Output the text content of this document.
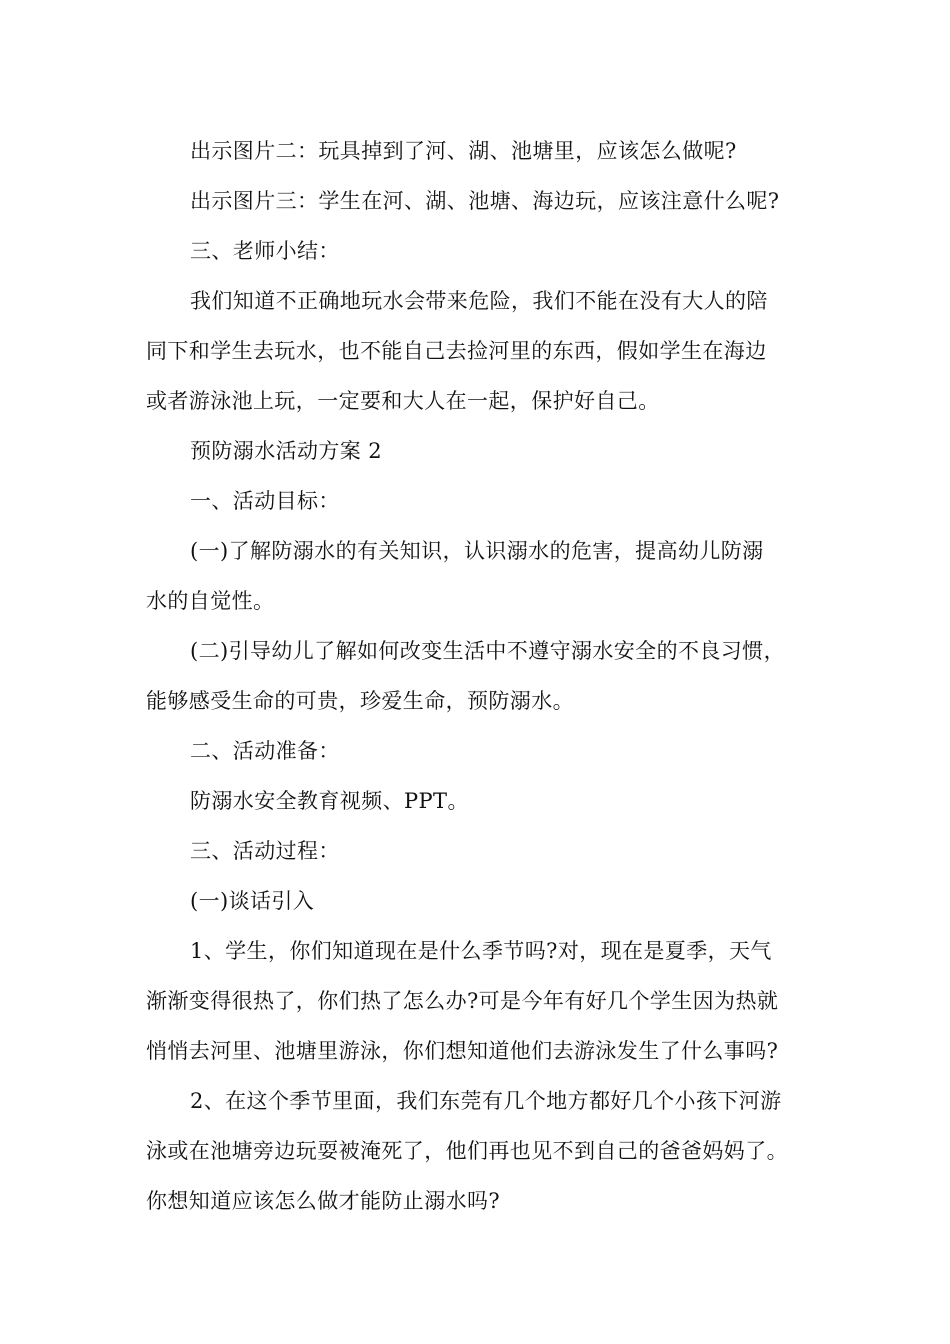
出示图片二：玩具掉到了河、湖、池塘里，应该怎么做呢?
出示图片三：学生在河、湖、池塘、海边玩，应该注意什么呢?
三、老师小结：
我们知道不正确地玩水会带来危险，我们不能在没有大人的陪
同下和学生去玩水，也不能自己去捡河里的东西，假如学生在海边
或者游泳池上玩，一定要和大人在一起，保护好自己。
预防溺水活动方案 2
一、活动目标：
(一)了解防溺水的有关知识，认识溺水的危害，提高幼儿防溺
水的自觉性。
(二)引导幼儿了解如何改变生活中不遵守溺水安全的不良习惯，
能够感受生命的可贵，珍爱生命，预防溺水。
二、活动准备：
防溺水安全教育视频、PPT。
三、活动过程：
(一)谈话引入
1、学生，你们知道现在是什么季节吗?对，现在是夏季，天气
渐渐变得很热了，你们热了怎么办?可是今年有好几个学生因为热就
悄悄去河里、池塘里游泳，你们想知道他们去游泳发生了什么事吗?
2、在这个季节里面，我们东莞有几个地方都好几个小孩下河游
泳或在池塘旁边玩耍被淹死了，他们再也见不到自己的爸爸妈妈了。
你想知道应该怎么做才能防止溺水吗?
